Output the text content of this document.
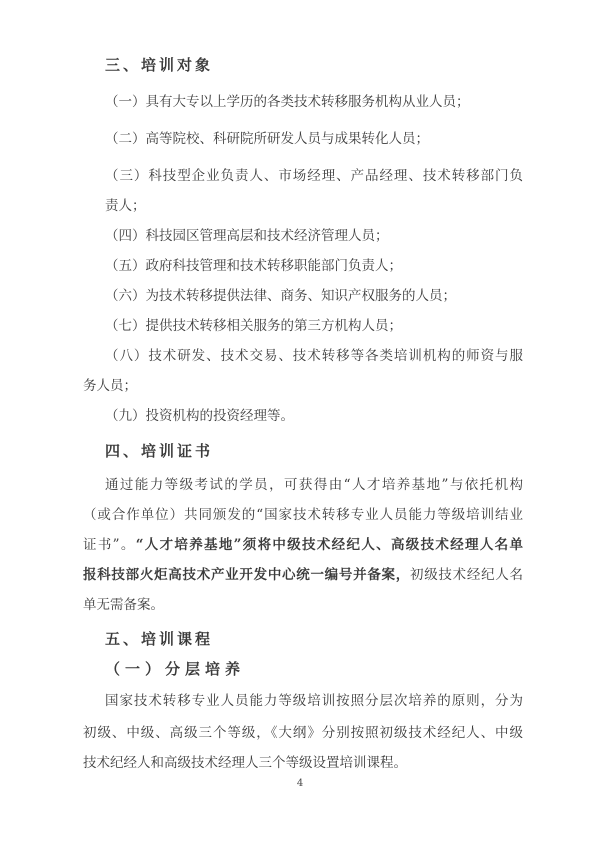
三、培训对象
（一）具有大专以上学历的各类技术转移服务机构从业人员；
（二）高等院校、科研院所研发人员与成果转化人员；
（三）科技型企业负责人、市场经理、产品经理、技术转移部门负
责人；
（四）科技园区管理高层和技术经济管理人员；
（五）政府科技管理和技术转移职能部门负责人；
（六）为技术转移提供法律、商务、知识产权服务的人员；
（七）提供技术转移相关服务的第三方机构人员；
（八）技术研发、技术交易、技术转移等各类培训机构的师资与服
务人员；
（九）投资机构的投资经理等。
四、培训证书
通过能力等级考试的学员，可获得由“人才培养基地”与依托机构
（或合作单位）共同颁发的“国家技术转移专业人员能力等级培训结业
证书”。“人才培养基地”须将中级技术经纪人、高级技术经理人名单
报科技部火炬高技术产业开发中心统一编号并备案，初级技术经纪人名
单无需备案。
五、培训课程
（一）分层培养
国家技术转移专业人员能力等级培训按照分层次培养的原则，分为
初级、中级、高级三个等级，《大纲》分别按照初级技术经纪人、中级
技术纪经人和高级技术经理人三个等级设置培训课程。
4
